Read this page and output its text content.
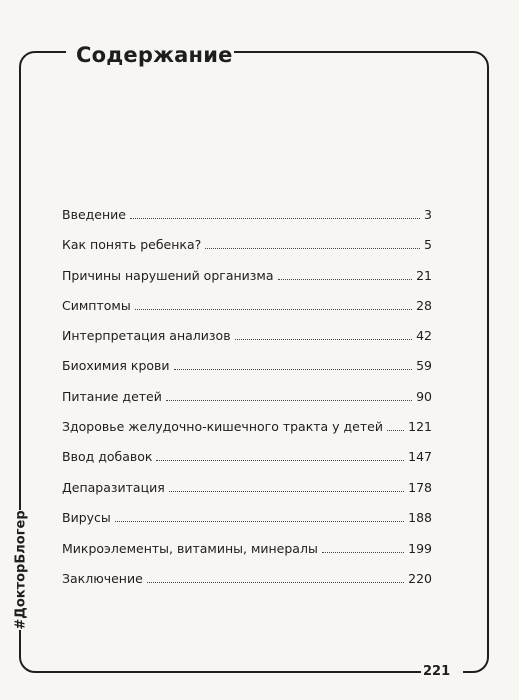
Содержание
#ДокторБлогер
221
Введение	3
Как понять ребенка?	5
Причины нарушений организма	21
Симптомы	28
Интерпретация анализов	42
Биохимия крови	59
Питание детей	90
Здоровье желудочно-кишечного тракта у детей 121
Ввод добавок	147
Депаразитация	178
Вирусы	188
Микроэлементы, витамины, минералы	199
Заключение	220
